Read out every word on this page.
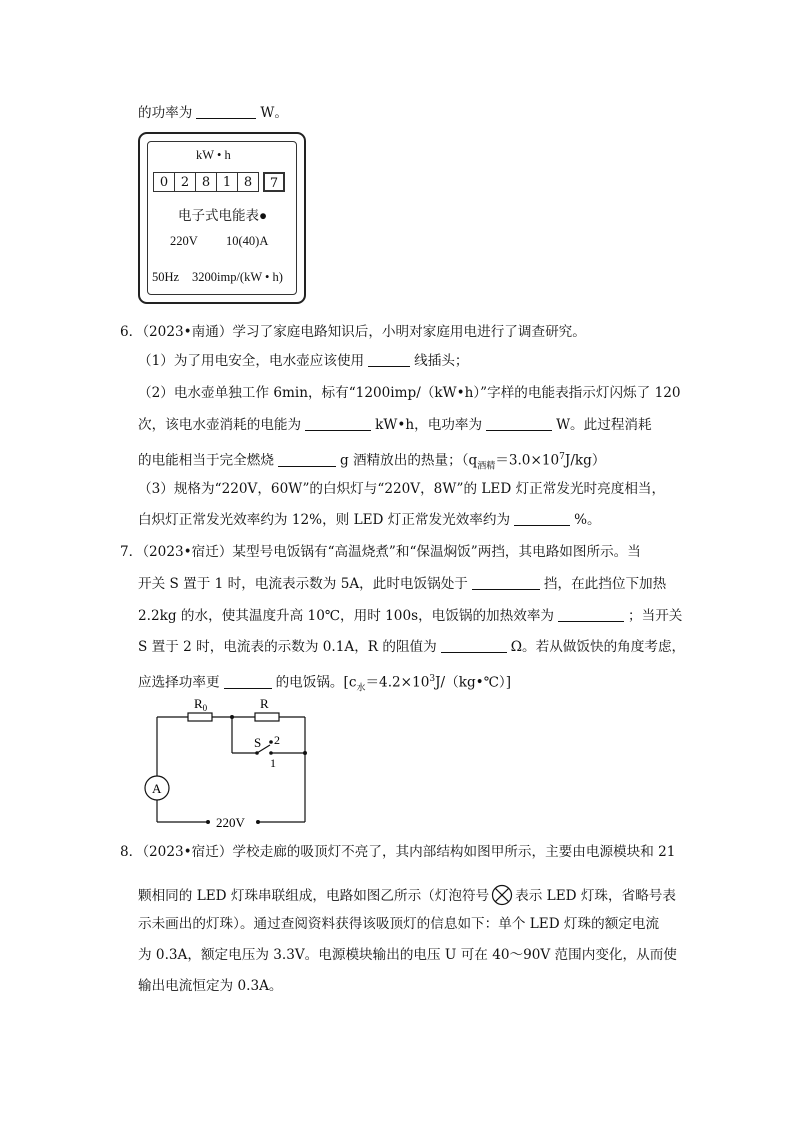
的功率为	W。
kW • h
0 2 8 1 8	7
电子式电能表●
220V 10(40)A
50Hz 3200imp/(kW • h)
6．（2023•南通）学习了家庭电路知识后，小明对家庭用电进行了调查研究。
（1）为了用电安全，电水壶应该使用	线插头；
（2）电水壶单独工作 6min，标有“1200imp/（kW•h）”字样的电能表指示灯闪烁了 120
次，该电水壶消耗的电能为	kW•h，电功率为	W。此过程消耗
的电能相当于完全燃烧	g 酒精放出的热量；$(q_{酒精}=3.0\times 10^7J/kg)$
（3）规格为“220V，60W”的白炽灯与“220V，8W”的 LED 灯正常发光时亮度相当，
白炽灯正常发光效率约为 12%，则 LED 灯正常发光效率约为	%。
7．（2023•宿迁）某型号电饭锅有“高温烧煮”和“保温焖饭”两挡，其电路如图所示。当
开关 S 置于 1 时，电流表示数为 5A，此时电饭锅处于	挡，在此挡位下加热
2.2kg 的水，使其温度升高 10℃，用时 100s，电饭锅的加热效率为	；当开关
S 置于 2 时，电流表的示数为 0.1A，R 的阻值为	Ω。若从做饭快的角度考虑，
应选择功率更	的电饭锅。$[c_水=4.2\times 10^3J/(kg•℃)]$
$R_0$	R
S 2
1
A
220V
8．（2023•宿迁）学校走廊的吸顶灯不亮了，其内部结构如图甲所示，主要由电源模块和 21
颗相同的 LED 灯珠串联组成，电路如图乙所示（灯泡符号 表示 LED 灯珠，省略号表
示未画出的灯珠）。通过查阅资料获得该吸顶灯的信息如下：单个 LED 灯珠的额定电流
为 0.3A，额定电压为 3.3V。电源模块输出的电压 U 可在 40～90V 范围内变化，从而使
输出电流恒定为 0.3A。
